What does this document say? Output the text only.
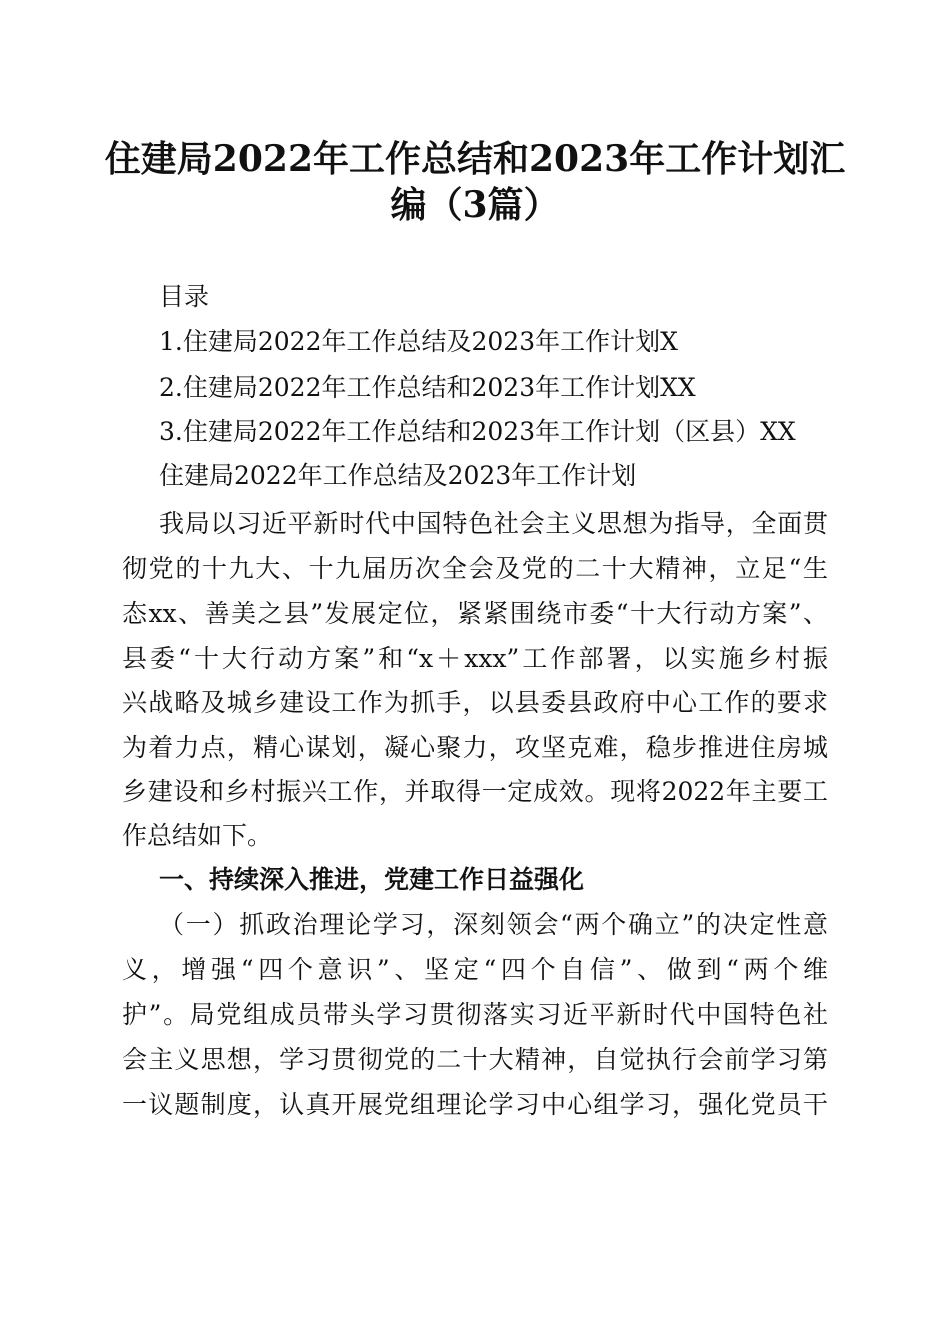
住建局2022年工作总结和2023年工作计划汇
编（3篇）
目录
1.住建局2022年工作总结及2023年工作计划X
2.住建局2022年工作总结和2023年工作计划XX
3.住建局2022年工作总结和2023年工作计划（区县）XX
住建局2022年工作总结及2023年工作计划
我局以习近平新时代中国特色社会主义思想为指导，全面贯
彻党的十九大、十九届历次全会及党的二十大精神，立足“生
态xx、善美之县”发展定位，紧紧围绕市委“十大行动方案”、
县委“十大行动方案”和“x＋xxx”工作部署，以实施乡村振
兴战略及城乡建设工作为抓手，以县委县政府中心工作的要求
为着力点，精心谋划，凝心聚力，攻坚克难，稳步推进住房城
乡建设和乡村振兴工作，并取得一定成效。现将2022年主要工
作总结如下。
一、持续深入推进，党建工作日益强化
（一）抓政治理论学习，深刻领会“两个确立”的决定性意
义，增强“四个意识”、坚定“四个自信”、做到“两个维
护”。局党组成员带头学习贯彻落实习近平新时代中国特色社
会主义思想，学习贯彻党的二十大精神，自觉执行会前学习第
一议题制度，认真开展党组理论学习中心组学习，强化党员干
